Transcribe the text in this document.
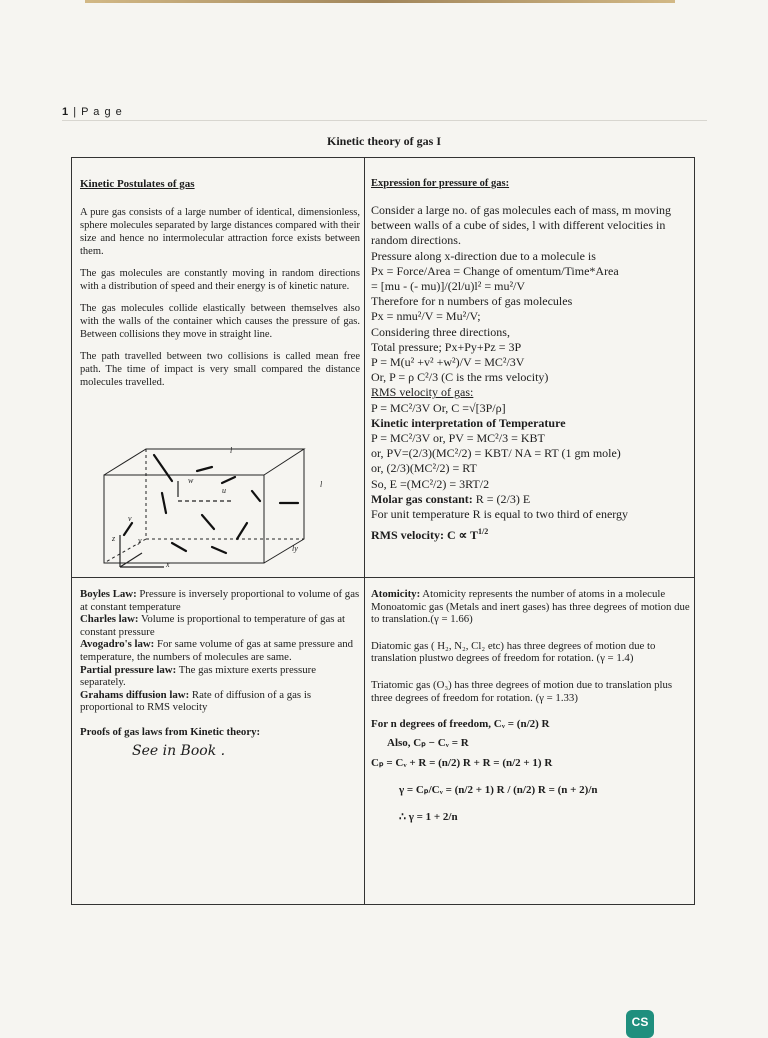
1 | P a g e
Kinetic theory of gas I
Kinetic Postulates of gas

A pure gas consists of a large number of identical, dimensionless, sphere molecules separated by large distances compared with their size and hence no intermolecular attraction force exists between them.

The gas molecules are constantly moving in random directions with a distribution of speed and their energy is of kinetic nature.

The gas molecules collide elastically between themselves also with the walls of the container which causes the pressure of gas. Between collisions they move in straight line.

The path travelled between two collisions is called mean free path. The time of impact is very small compared the distance molecules travelled.

l
w
u
l
v
z	y
x
ly
Expression for pressure of gas:
Consider a large no. of gas molecules each of mass, m moving between walls of a cube of sides, l with different velocities in random directions.
Pressure along x-direction due to a molecule is
Px = Force/Area = Change of omentum/Time*Area
= [mu - (- mu)]/(2l/u)l² = mu²/V
Therefore for n numbers of gas molecules
Px = nmu²/V = Mu²/V;
Considering three directions,
Total pressure; Px+Py+Pz = 3P
P = M(u² +v² +w²)/V = MC²/3V
Or, P = ρ C²/3 (C is the rms velocity)
RMS velocity of gas:
P = MC²/3V Or, C =√[3P/ρ]
Kinetic interpretation of Temperature
P = MC²/3V or, PV = MC²/3 = KBT
or, PV=(2/3)(MC²/2) = KBT/ NA = RT (1 gm mole)
or, (2/3)(MC²/2) = RT
So, E =(MC²/2) = 3RT/2
Molar gas constant: R = (2/3) E
For unit temperature R is equal to two third of energy
RMS velocity: $C \propto T^{1/2}$
Boyles Law: Pressure is inversely proportional to volume of gas at constant temperature
Charles law: Volume is proportional to temperature of gas at constant pressure
Avogadro's law: For same volume of gas at same pressure and temperature, the numbers of molecules are same.
Partial pressure law: The gas mixture exerts pressure separately.
Grahams diffusion law: Rate of diffusion of a gas is proportional to RMS velocity
Proofs of gas laws from Kinetic theory:
See in Book .
Atomicity: Atomicity represents the number of atoms in a molecule
Monoatomic gas (Metals and inert gases) has three degrees of motion due to translation.(γ = 1.66)
Diatomic gas ( H₂, N₂, Cl₂ etc) has three degrees of motion due to translation plustwo degrees of freedom for rotation. (γ = 1.4)
Triatomic gas (O₃) has three degrees of motion due to translation plus three degrees of freedom for rotation. (γ = 1.33)
For n degrees of freedom, Cᵥ = (n/2) R
Also, Cₚ − Cᵥ = R
Cₚ = Cᵥ + R = (n/2) R + R = (n/2 + 1) R
γ = Cₚ/Cᵥ = (n/2 + 1) R / (n/2) R = (n + 2)/n
∴ γ = 1 + 2/n
CS
